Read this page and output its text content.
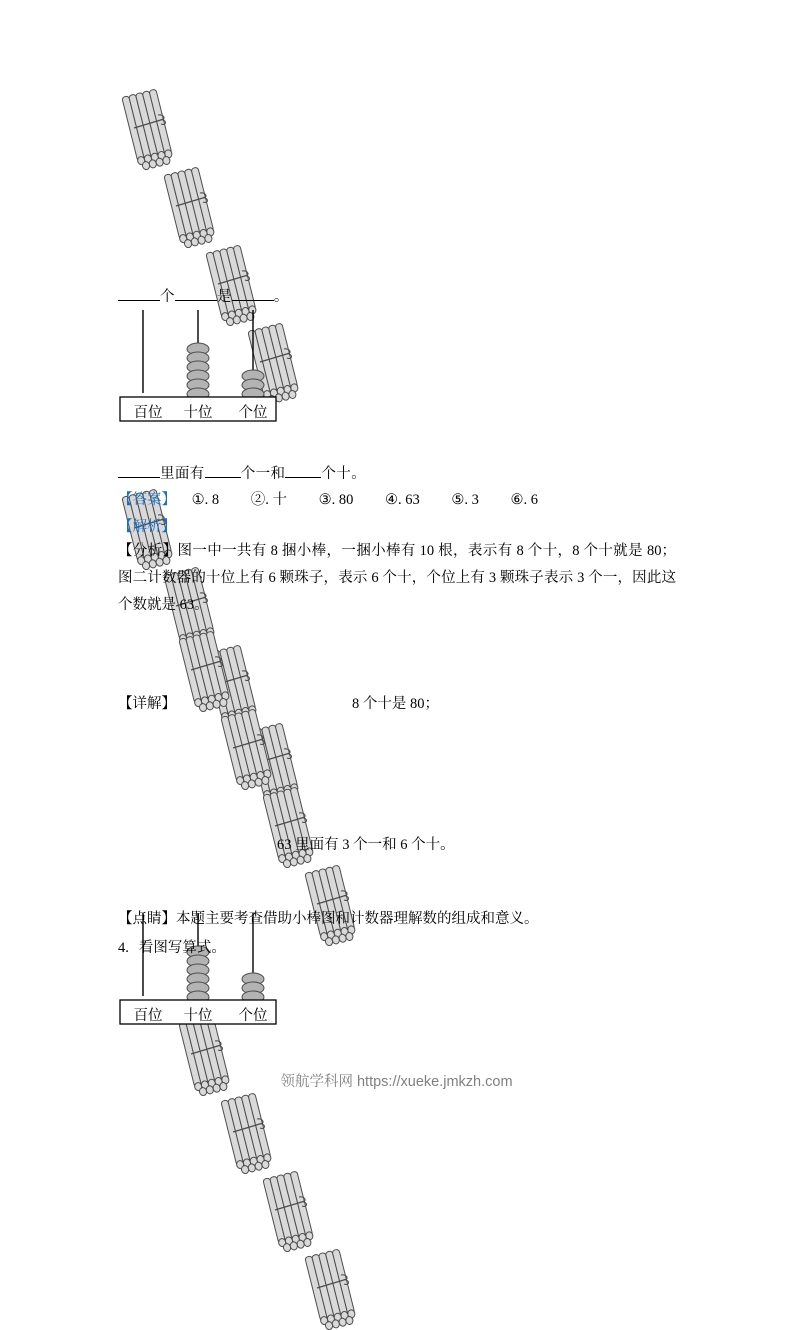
个	是	。
百位	十位	个位
里面有 个一和 个十。
【答案】 ①. 8 ②. 十 ③. 80 ④. 63 ⑤. 3 ⑥. 6
【解析】
【分析】图一中一共有 8 捆小棒，一捆小棒有 10 根，表示有 8 个十，8 个十就是 80；图二计数器的十位上有 6 颗珠子，表示 6 个十，个位上有 3 颗珠子表示 3 个一，因此这个数就是 63。
【详解】	8 个十是 80；
百位	十位	个位
63 里面有 3 个一和 6 个十。
【点睛】本题主要考查借助小棒图和计数器理解数的组成和意义。
4. 看图写算式。
领航学科网 https://xueke.jmkzh.com
